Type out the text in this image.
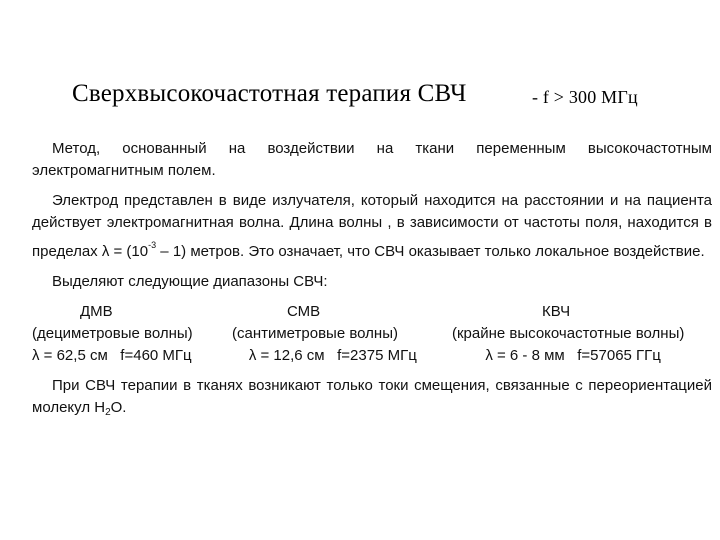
Сверхвысокочастотная терапия СВЧ	- f > 300 МГц

Метод, основанный на воздействии на ткани переменным высокочастотным электромагнитным полем.

Электрод представлен в виде излучателя, который находится на расстоянии и на пациента действует электромагнитная волна. Длина волны , в зависимости от частоты поля, находится в пределах $\lambda = (10^{-3} - 1)$ метров. Это означает, что СВЧ оказывает только локальное воздействие.

Выделяют следующие диапазоны СВЧ:

ДМВ	СМВ	КВЧ
(дециметровые волны)	(сантиметровые волны)	(крайне высокочастотные волны)
λ = 62,5 см f=460 МГц	λ = 12,6 см f=2375 МГц	λ = 6 - 8 мм f=57065 ГГц

При СВЧ терапии в тканях возникают только токи смещения, связанные с переориентацией молекул $H_2O$.
